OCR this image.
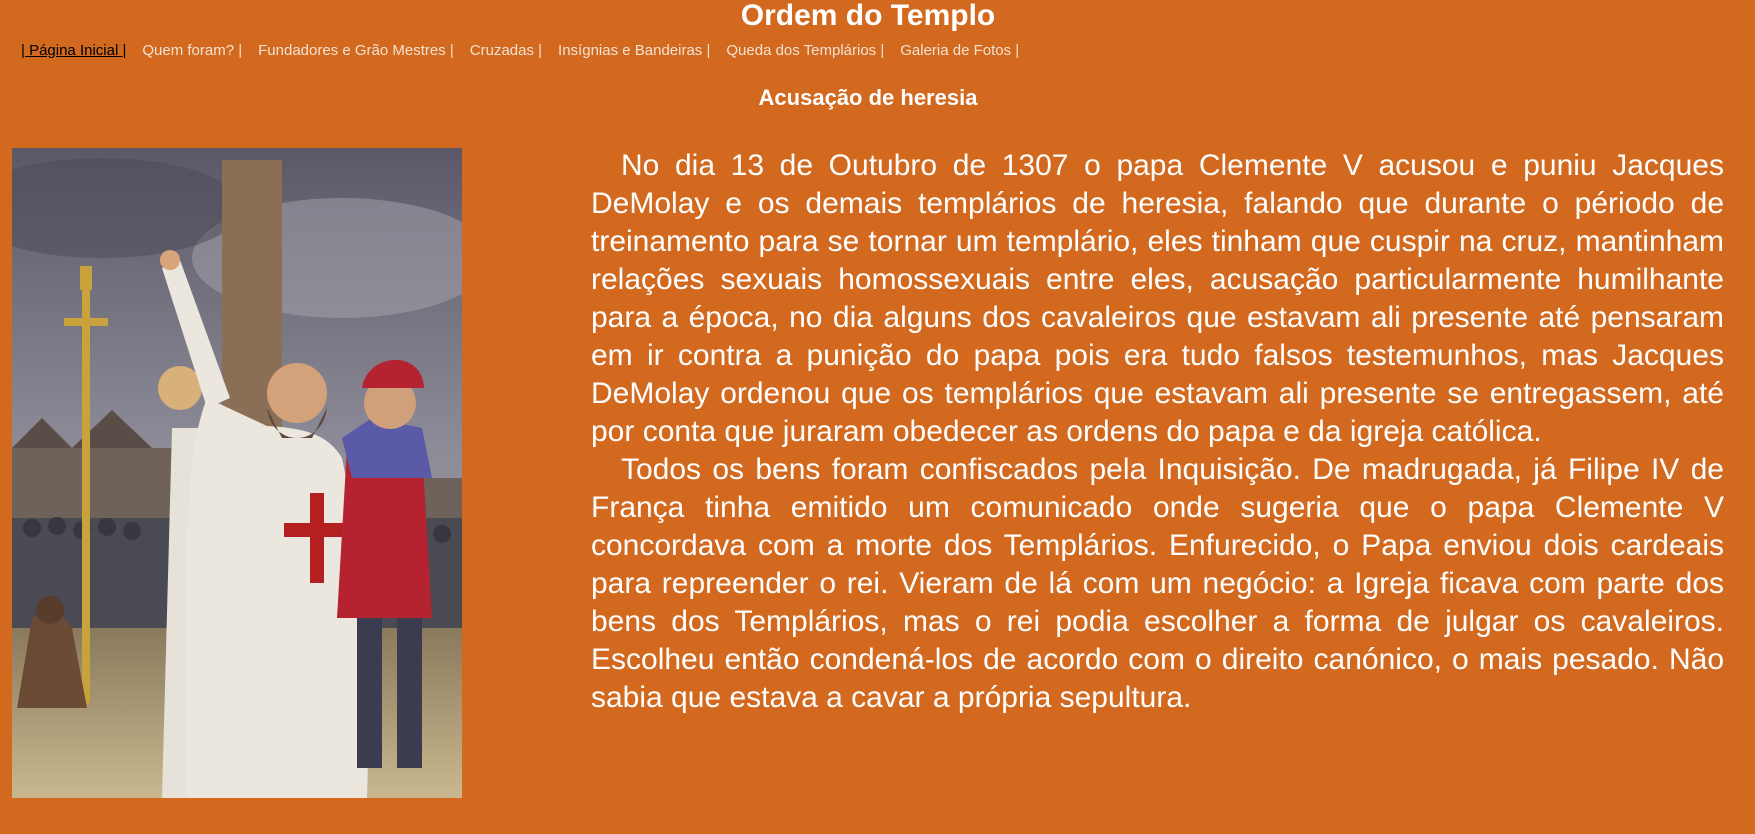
Ordem do Templo
| Página Inicial | Quem foram? | Fundadores e Grão Mestres | Cruzadas | Insígnias e Bandeiras | Queda dos Templários | Galeria de Fotos |
Acusação de heresia

No dia 13 de Outubro de 1307 o papa Clemente V acusou e puniu Jacques DeMolay e os demais templários de heresia, falando que durante o périodo de treinamento para se tornar um templário, eles tinham que cuspir na cruz, mantinham relações sexuais homossexuais entre eles, acusação particularmente humilhante para a época, no dia alguns dos cavaleiros que estavam ali presente até pensaram em ir contra a punição do papa pois era tudo falsos testemunhos, mas Jacques DeMolay ordenou que os templários que estavam ali presente se entregassem, até por conta que juraram obedecer as ordens do papa e da igreja católica.

Todos os bens foram confiscados pela Inquisição. De madrugada, já Filipe IV de França tinha emitido um comunicado onde sugeria que o papa Clemente V concordava com a morte dos Templários. Enfurecido, o Papa enviou dois cardeais para repreender o rei. Vieram de lá com um negócio: a Igreja ficava com parte dos bens dos Templários, mas o rei podia escolher a forma de julgar os cavaleiros. Escolheu então condená-los de acordo com o direito canónico, o mais pesado. Não sabia que estava a cavar a própria sepultura.
